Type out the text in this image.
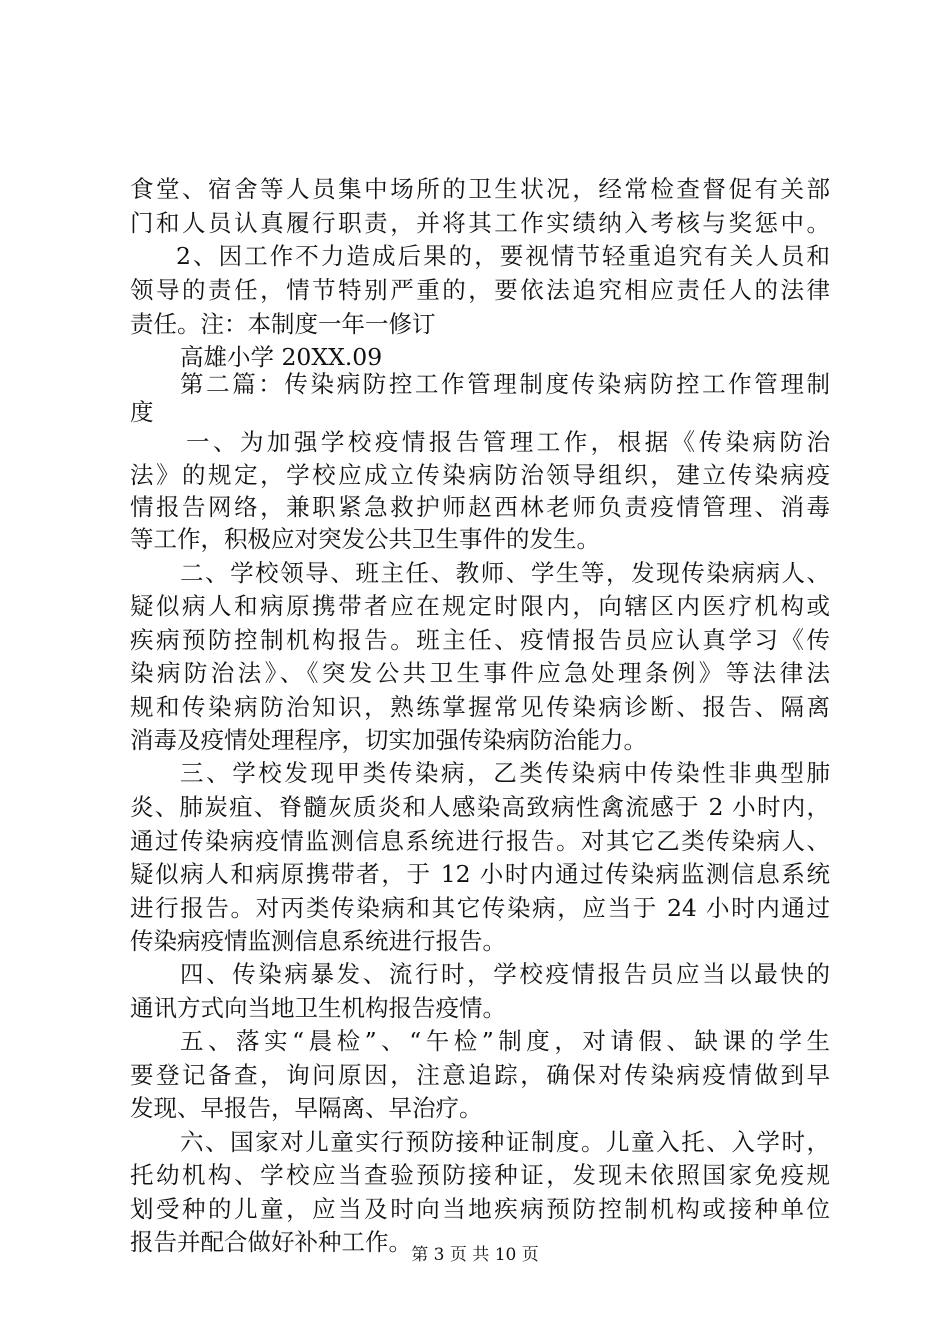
食堂、宿舍等人员集中场所的卫生状况，经常检查督促有关部
门和人员认真履行职责，并将其工作实绩纳入考核与奖惩中。
2、因工作不力造成后果的，要视情节轻重追究有关人员和
领导的责任，情节特别严重的，要依法追究相应责任人的法律
责任。注：本制度一年一修订
高雄小学 20XX.09
第二篇：传染病防控工作管理制度传染病防控工作管理制
度
一、为加强学校疫情报告管理工作，根据《传染病防治
法》的规定，学校应成立传染病防治领导组织，建立传染病疫
情报告网络，兼职紧急救护师赵西林老师负责疫情管理、消毒
等工作，积极应对突发公共卫生事件的发生。
二、学校领导、班主任、教师、学生等，发现传染病病人、
疑似病人和病原携带者应在规定时限内，向辖区内医疗机构或
疾病预防控制机构报告。班主任、疫情报告员应认真学习《传
染病防治法》、《突发公共卫生事件应急处理条例》等法律法
规和传染病防治知识，熟练掌握常见传染病诊断、报告、隔离
消毒及疫情处理程序，切实加强传染病防治能力。
三、学校发现甲类传染病，乙类传染病中传染性非典型肺
炎、肺炭疽、脊髓灰质炎和人感染高致病性禽流感于 2 小时内，
通过传染病疫情监测信息系统进行报告。对其它乙类传染病人、
疑似病人和病原携带者，于 12 小时内通过传染病监测信息系统
进行报告。对丙类传染病和其它传染病，应当于 24 小时内通过
传染病疫情监测信息系统进行报告。
四、传染病暴发、流行时，学校疫情报告员应当以最快的
通讯方式向当地卫生机构报告疫情。
五、落实“晨检”、“午检”制度，对请假、缺课的学生
要登记备查，询问原因，注意追踪，确保对传染病疫情做到早
发现、早报告，早隔离、早治疗。
六、国家对儿童实行预防接种证制度。儿童入托、入学时，
托幼机构、学校应当查验预防接种证，发现未依照国家免疫规
划受种的儿童，应当及时向当地疾病预防控制机构或接种单位
报告并配合做好补种工作。 第 3 页 共 10 页
